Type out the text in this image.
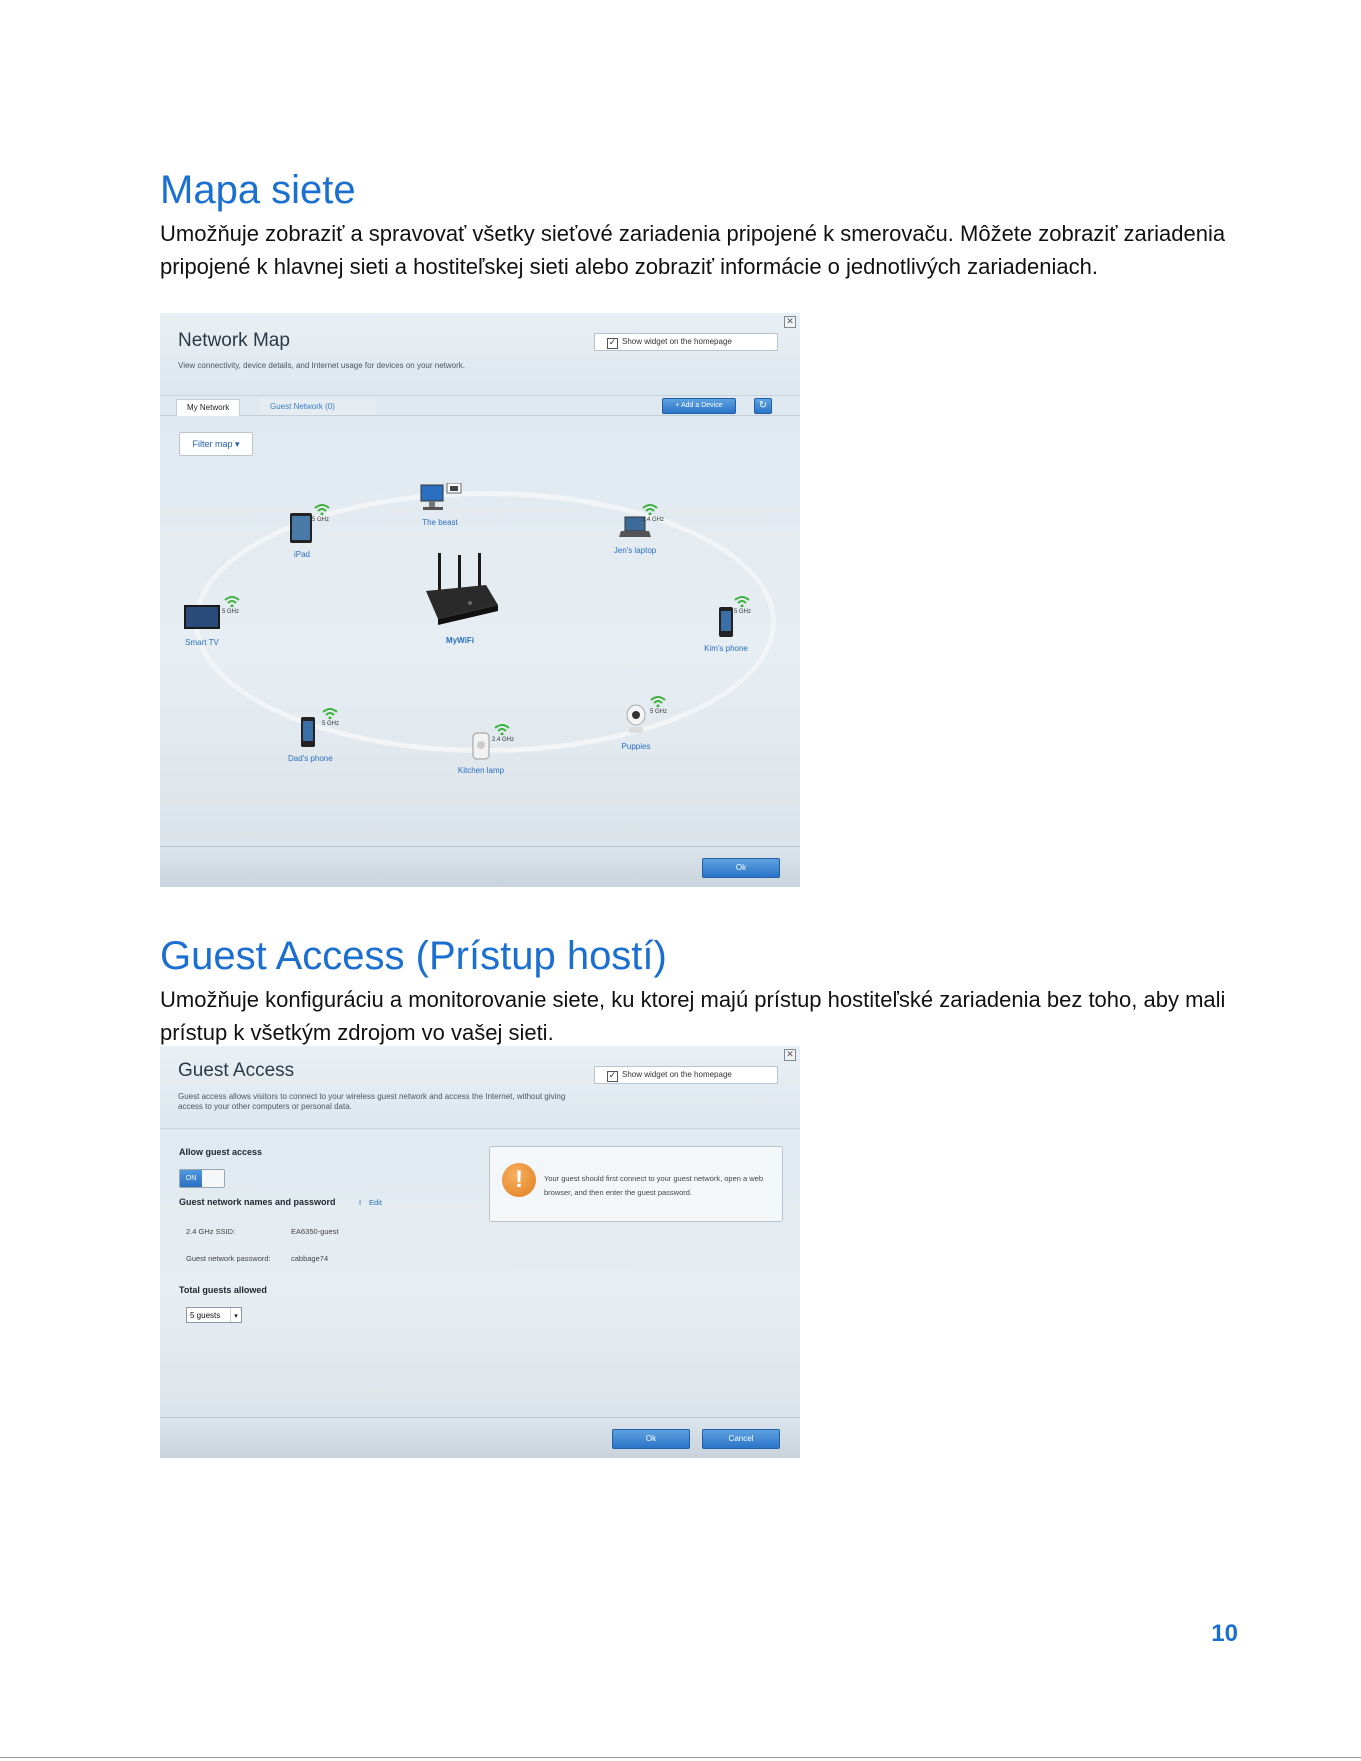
Mapa siete

Umožňuje zobraziť a spravovať všetky sieťové zariadenia pripojené k smerovaču. Môžete zobraziť zariadenia pripojené k hlavnej sieti a hostiteľskej sieti alebo zobraziť informácie o jednotlivých zariadeniach.

✕
Network Map
View connectivity, device details, and Internet usage for devices on your network.
✓ Show widget on the homepage
My Network	Guest Network (0)	+ Add a Device	↻
Filter map ▾
MyWiFi
The beast
iPad
5 GHz
Jen's laptop
2.4 GHz
Smart TV
5 GHz
Kim's phone
5 GHz
Dad's phone
5 GHz
Kitchen lamp
2.4 GHz
Puppies
5 GHz
Ok
Guest Access (Prístup hostí)

Umožňuje konfiguráciu a monitorovanie siete, ku ktorej majú prístup hostiteľské zariadenia bez toho, aby mali prístup k všetkým zdrojom vo vašej sieti.

✕
Guest Access
Guest access allows visitors to connect to your wireless guest network and access the Internet, without giving access to your other computers or personal data.
✓ Show widget on the homepage
Allow guest access
ON
Guest network names and password	I Edit
2.4 GHz SSID:	EA6350-guest
Guest network password:	cabbage74
Total guests allowed
5 guests	▾
!	Your guest should first connect to your guest network, open a web browser, and then enter the guest password.
Ok	Cancel
10
